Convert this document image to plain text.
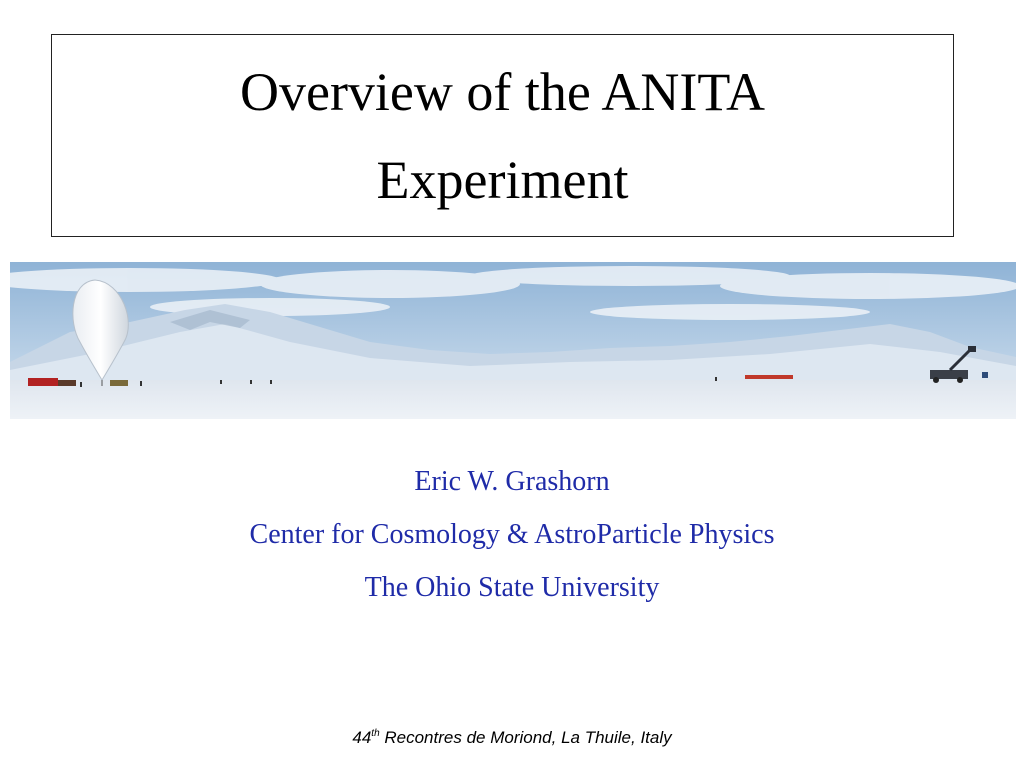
Overview of the ANITA
Experiment
Eric W. Grashorn
Center for Cosmology & AstroParticle Physics
The Ohio State University
44th Recontres de Moriond, La Thuile, Italy
